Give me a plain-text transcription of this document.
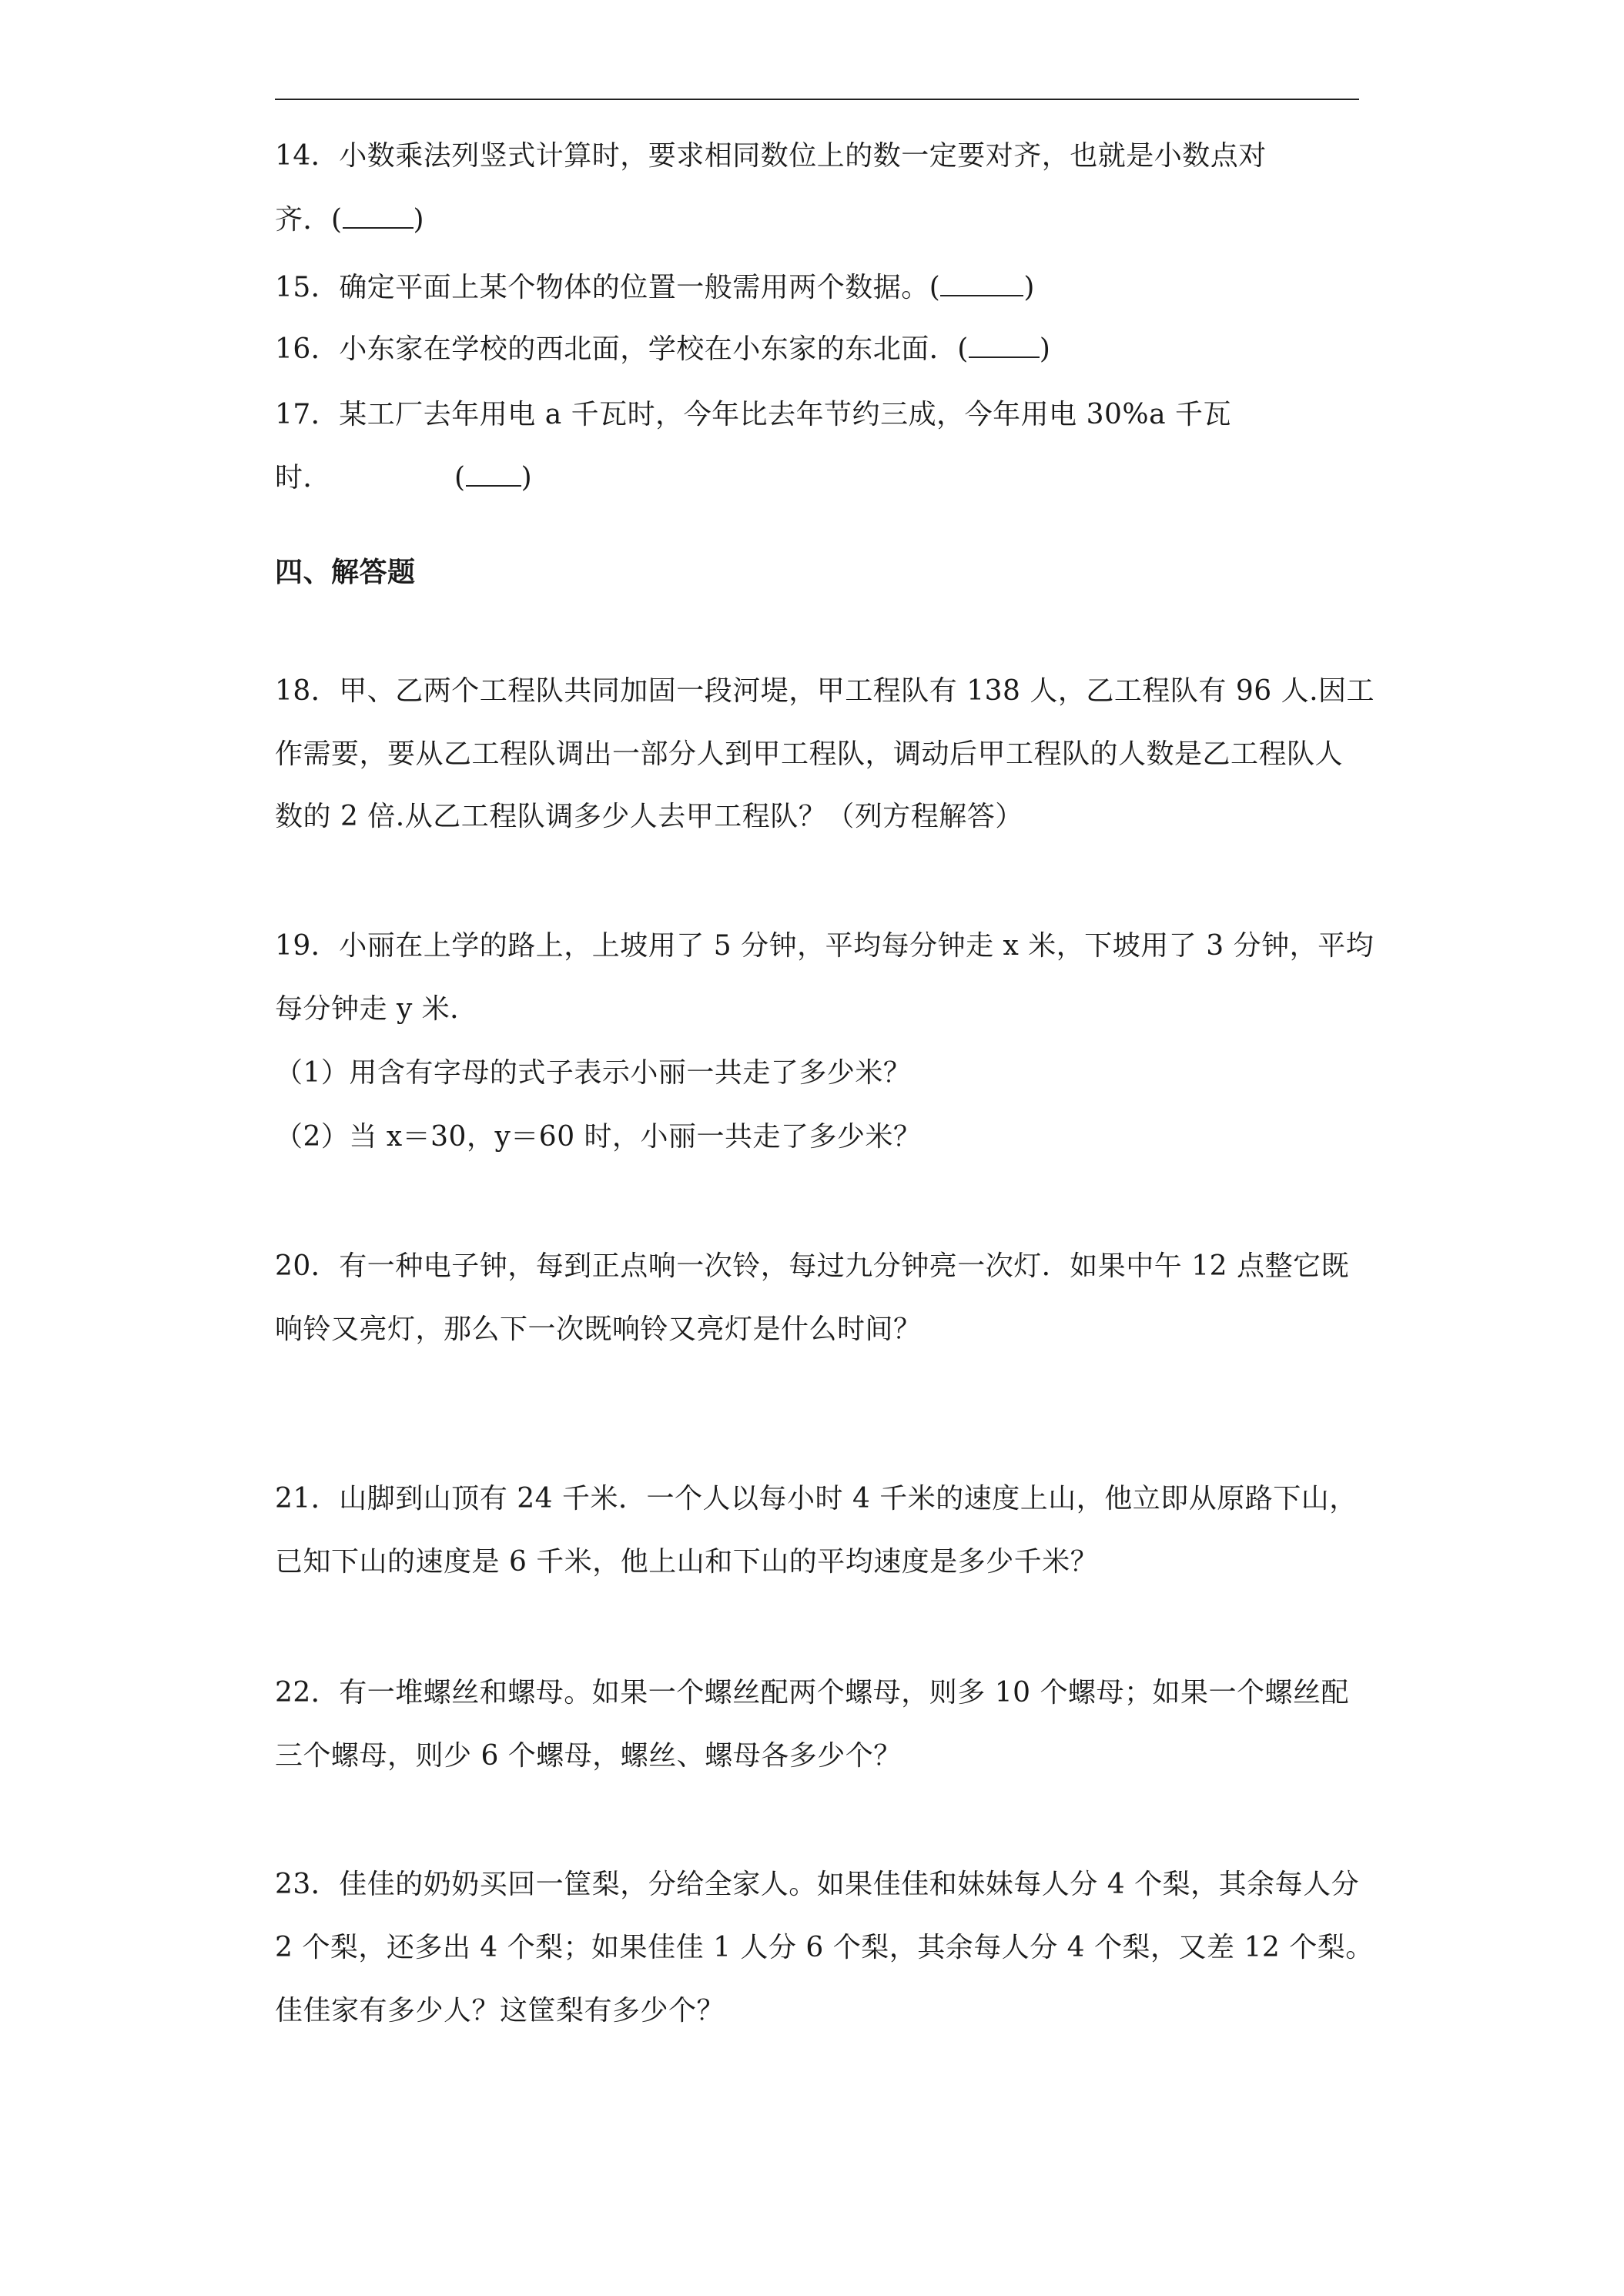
14．小数乘法列竖式计算时，要求相同数位上的数一定要对齐，也就是小数点对
齐．(	)
15．确定平面上某个物体的位置一般需用两个数据。(	)
16．小东家在学校的西北面，学校在小东家的东北面．(	)
17．某工厂去年用电 a 千瓦时，今年比去年节约三成，今年用电 30%a 千瓦
时．	( )
四、解答题
18．甲、乙两个工程队共同加固一段河堤，甲工程队有 138 人，乙工程队有 96 人.因工
作需要，要从乙工程队调出一部分人到甲工程队，调动后甲工程队的人数是乙工程队人
数的 2 倍.从乙工程队调多少人去甲工程队？（列方程解答）
19．小丽在上学的路上，上坡用了 5 分钟，平均每分钟走 x 米，下坡用了 3 分钟，平均
每分钟走 y 米．
（1）用含有字母的式子表示小丽一共走了多少米？
（2）当 x＝30，y＝60 时，小丽一共走了多少米？
20．有一种电子钟，每到正点响一次铃，每过九分钟亮一次灯．如果中午 12 点整它既
响铃又亮灯，那么下一次既响铃又亮灯是什么时间？
21．山脚到山顶有 24 千米．一个人以每小时 4 千米的速度上山，他立即从原路下山，
已知下山的速度是 6 千米，他上山和下山的平均速度是多少千米？
22．有一堆螺丝和螺母。如果一个螺丝配两个螺母，则多 10 个螺母；如果一个螺丝配
三个螺母，则少 6 个螺母，螺丝、螺母各多少个？
23．佳佳的奶奶买回一筐梨，分给全家人。如果佳佳和妹妹每人分 4 个梨，其余每人分
2 个梨，还多出 4 个梨；如果佳佳 1 人分 6 个梨，其余每人分 4 个梨，又差 12 个梨。
佳佳家有多少人？这筐梨有多少个？
